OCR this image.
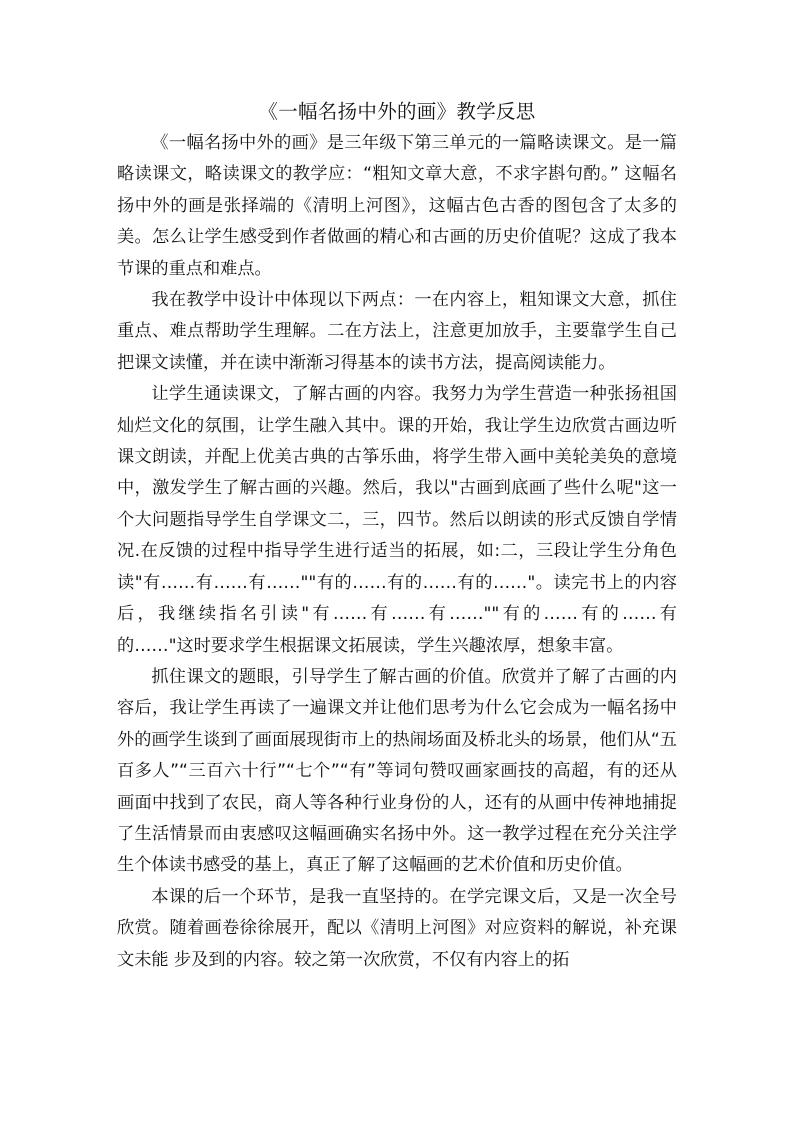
《一幅名扬中外的画》教学反思

《一幅名扬中外的画》是三年级下第三单元的一篇略读课文。是一篇略读课文，略读课文的教学应：“粗知文章大意，不求字斟句酌。” 这幅名扬中外的画是张择端的《清明上河图》，这幅古色古香的图包含了太多的美。怎么让学生感受到作者做画的精心和古画的历史价值呢？这成了我本节课的重点和难点。

我在教学中设计中体现以下两点：一在内容上，粗知课文大意，抓住重点、难点帮助学生理解。二在方法上，注意更加放手，主要靠学生自己把课文读懂，并在读中渐渐习得基本的读书方法，提高阅读能力。

让学生通读课文，了解古画的内容。我努力为学生营造一种张扬祖国灿烂文化的氛围，让学生融入其中。课的开始，我让学生边欣赏古画边听课文朗读，并配上优美古典的古筝乐曲，将学生带入画中美轮美奂的意境中，激发学生了解古画的兴趣。然后，我以"古画到底画了些什么呢"这一个大问题指导学生自学课文二，三，四节。然后以朗读的形式反馈自学情况.在反馈的过程中指导学生进行适当的拓展，如:二，三段让学生分角色读"有……有……有……""有的……有的……有的……"。读完书上的内容后，我继续指名引读"有……有……有……""有的……有的……有的……"这时要求学生根据课文拓展读，学生兴趣浓厚，想象丰富。

抓住课文的题眼，引导学生了解古画的价值。欣赏并了解了古画的内容后，我让学生再读了一遍课文并让他们思考为什么它会成为一幅名扬中外的画学生谈到了画面展现街市上的热闹场面及桥北头的场景，他们从“五百多人”“三百六十行”“七个”“有”等词句赞叹画家画技的高超，有的还从画面中找到了农民，商人等各种行业身份的人，还有的从画中传神地捕捉了生活情景而由衷感叹这幅画确实名扬中外。这一教学过程在充分关注学生个体读书感受的基上，真正了解了这幅画的艺术价值和历史价值。

本课的后一个环节，是我一直坚持的。在学完课文后，又是一次全号欣赏。随着画卷徐徐展开，配以《清明上河图》对应资料的解说，补充课文未能 步及到的内容。较之第一次欣赏，不仅有内容上的拓
